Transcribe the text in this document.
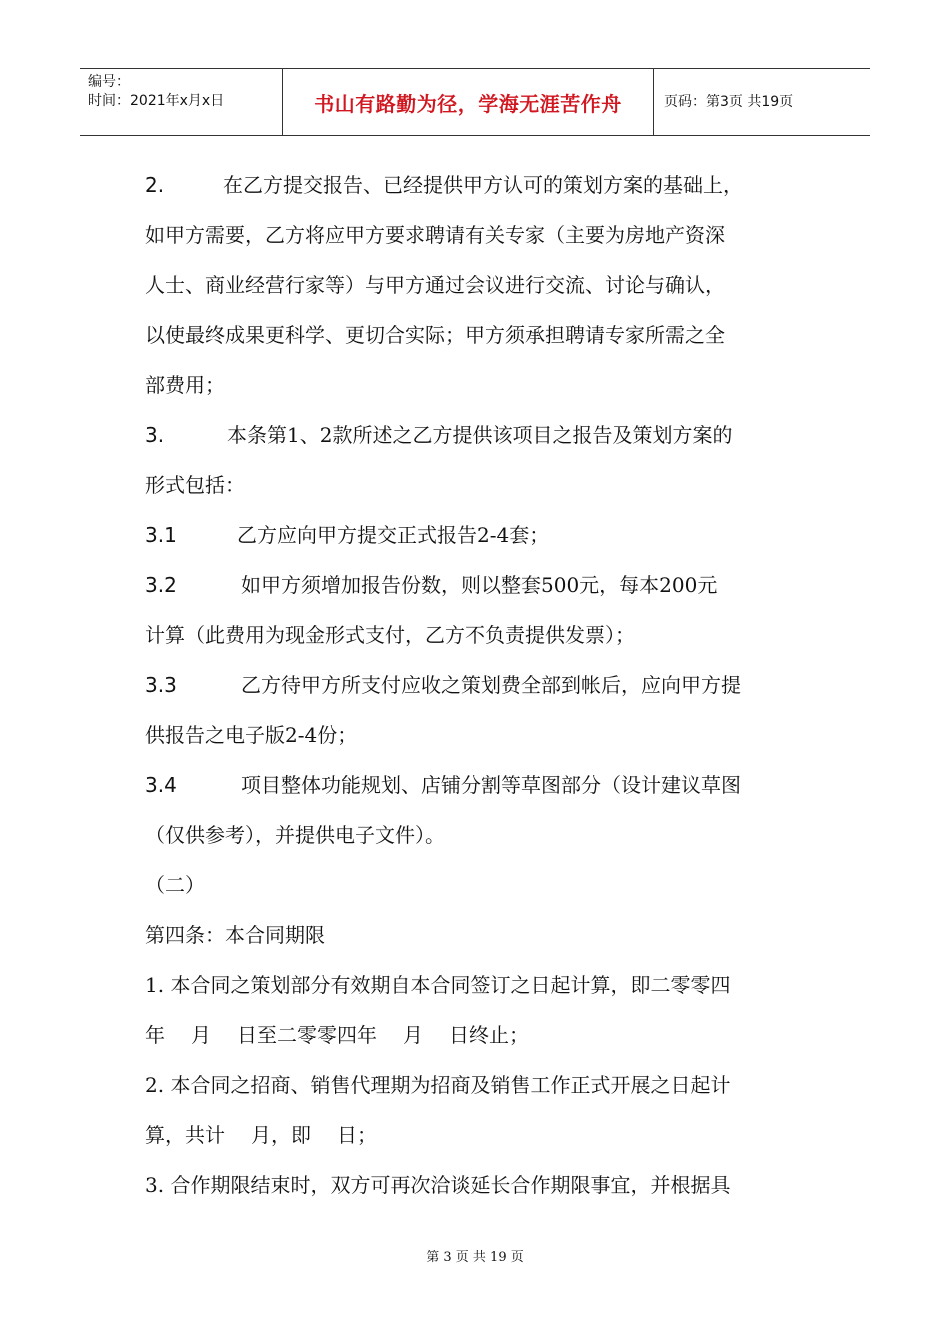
编号：
时间：2021年x月x日	书山有路勤为径，学海无涯苦作舟	页码：第3页 共19页
2.	在乙方提交报告、已经提供甲方认可的策划方案的基础上，
如甲方需要，乙方将应甲方要求聘请有关专家（主要为房地产资深
人士、商业经营行家等）与甲方通过会议进行交流、讨论与确认，
以使最终成果更科学、更切合实际；甲方须承担聘请专家所需之全
部费用；
3.	本条第1、2款所述之乙方提供该项目之报告及策划方案的
形式包括：
3.1	乙方应向甲方提交正式报告2-4套；
3.2	如甲方须增加报告份数，则以整套500元，每本200元
计算（此费用为现金形式支付，乙方不负责提供发票）；
3.3	乙方待甲方所支付应收之策划费全部到帐后，应向甲方提
供报告之电子版2-4份；
3.4	项目整体功能规划、店铺分割等草图部分（设计建议草图
（仅供参考），并提供电子文件）。
（二）
第四条：本合同期限
1. 本合同之策划部分有效期自本合同签订之日起计算，即二零零四
年 月 日至二零零四年 月 日终止；
2. 本合同之招商、销售代理期为招商及销售工作正式开展之日起计
算，共计 月，即 日；
3. 合作期限结束时，双方可再次洽谈延长合作期限事宜，并根据具
第 3 页 共 19 页
